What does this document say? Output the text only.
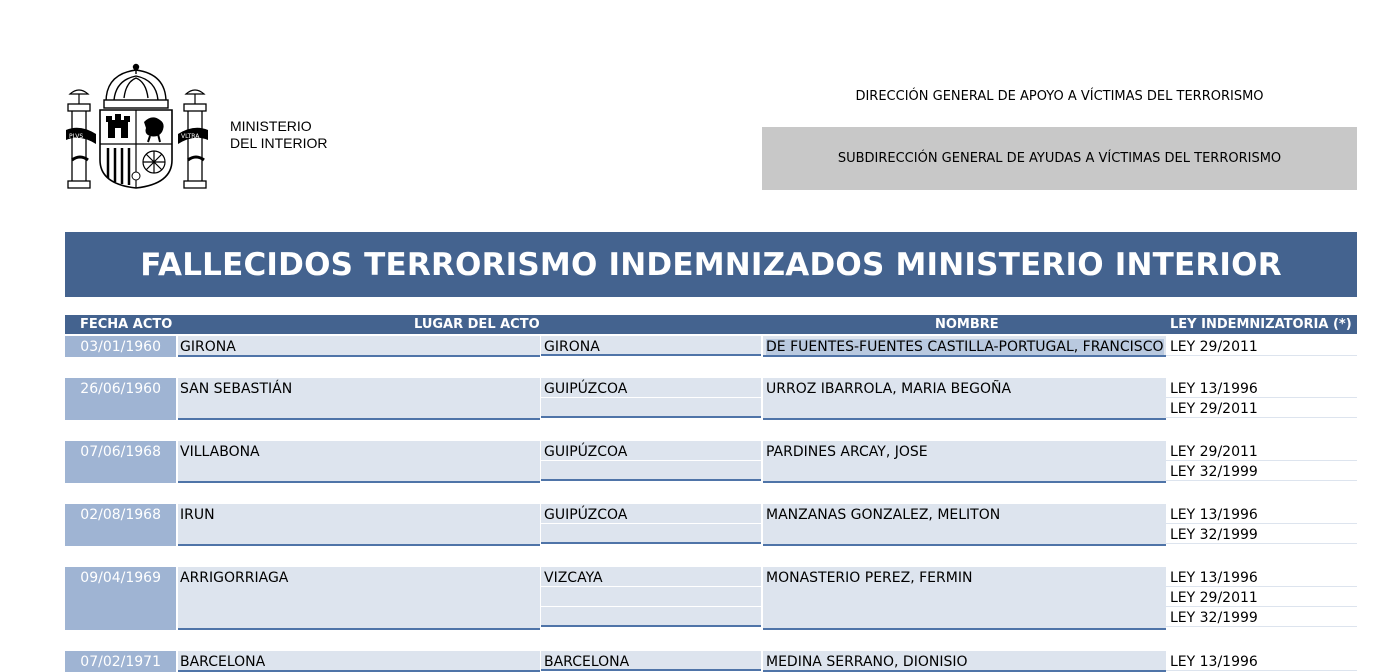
PLVS	VLTRA
MINISTERIO
DEL INTERIOR
DIRECCIÓN GENERAL DE APOYO A VÍCTIMAS DEL TERRORISMO
SUBDIRECCIÓN GENERAL DE AYUDAS A VÍCTIMAS DEL TERRORISMO
FALLECIDOS TERRORISMO INDEMNIZADOS MINISTERIO INTERIOR
FECHA ACTO	LUGAR DEL ACTO	NOMBRE	LEY INDEMNIZATORIA (*)
03/01/1960	GIRONA	GIRONA	DE FUENTES-FUENTES CASTILLA-PORTUGAL, FRANCISCO LEY 29/2011
26/06/1960	SAN SEBASTIÁN	GUIPÚZCOA	URROZ IBARROLA, MARIA BEGOÑA	LEY 13/1996
LEY 29/2011
07/06/1968	VILLABONA	GUIPÚZCOA	PARDINES ARCAY, JOSE	LEY 29/2011
LEY 32/1999
02/08/1968	IRUN	GUIPÚZCOA	MANZANAS GONZALEZ, MELITON	LEY 13/1996
LEY 32/1999
09/04/1969	ARRIGORRIAGA	VIZCAYA	MONASTERIO PEREZ, FERMIN	LEY 13/1996
LEY 29/2011
LEY 32/1999
07/02/1971	BARCELONA	BARCELONA	MEDINA SERRANO, DIONISIO	LEY 13/1996
